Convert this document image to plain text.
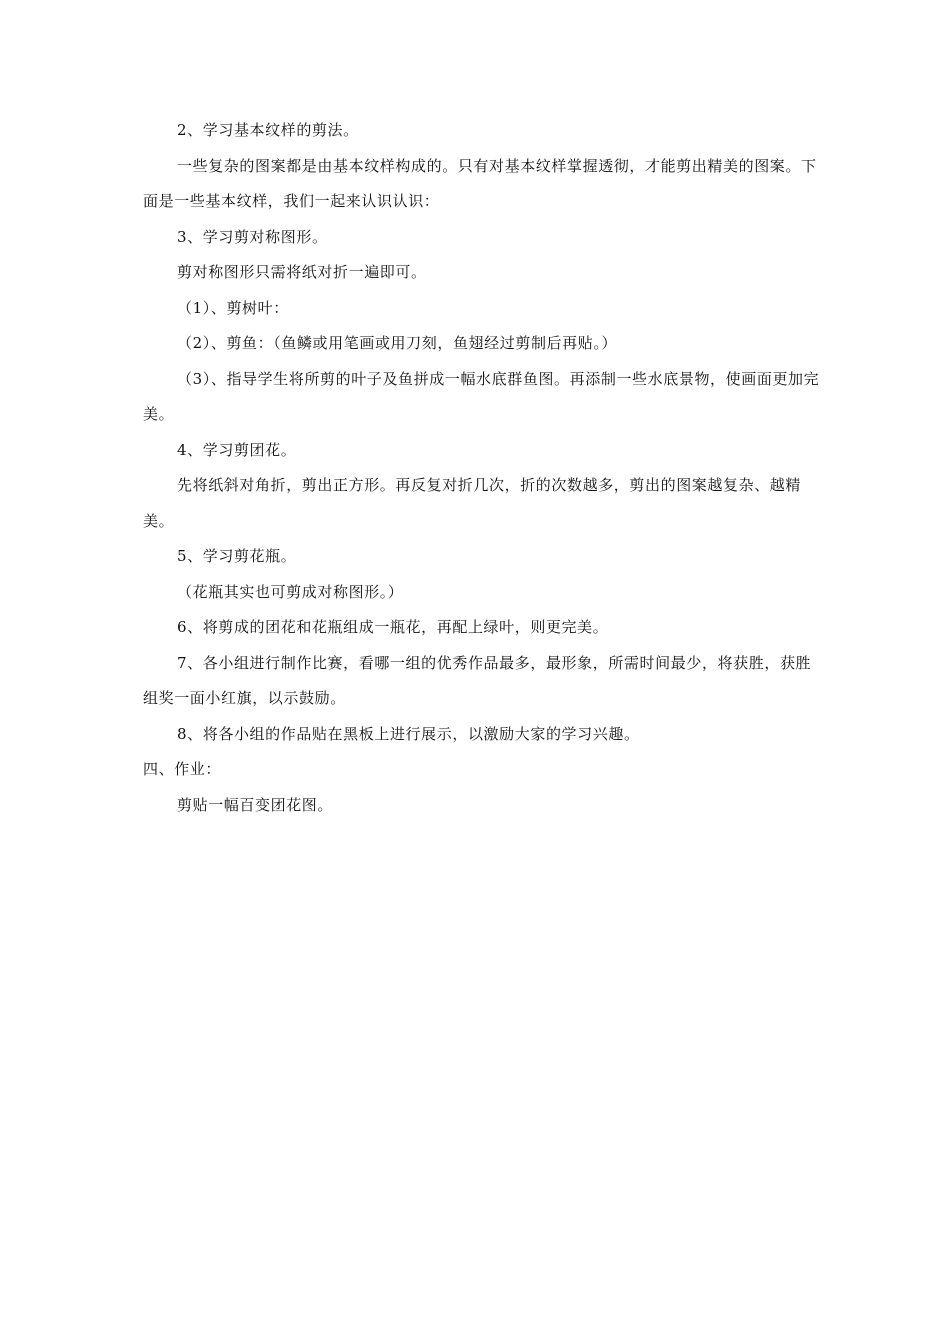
2、学习基本纹样的剪法。

一些复杂的图案都是由基本纹样构成的。只有对基本纹样掌握透彻，才能剪出精美的图案。下面是一些基本纹样，我们一起来认识认识：

3、学习剪对称图形。

剪对称图形只需将纸对折一遍即可。

（1）、剪树叶：

（2）、剪鱼：（鱼鳞或用笔画或用刀刻，鱼翅经过剪制后再贴。）

（3）、指导学生将所剪的叶子及鱼拼成一幅水底群鱼图。再添制一些水底景物，使画面更加完美。

4、学习剪团花。

先将纸斜对角折，剪出正方形。再反复对折几次，折的次数越多，剪出的图案越复杂、越精美。

5、学习剪花瓶。

（花瓶其实也可剪成对称图形。）

6、将剪成的团花和花瓶组成一瓶花，再配上绿叶，则更完美。

7、各小组进行制作比赛，看哪一组的优秀作品最多，最形象，所需时间最少，将获胜，获胜组奖一面小红旗，以示鼓励。

8、将各小组的作品贴在黑板上进行展示，以激励大家的学习兴趣。

四、作业：

剪贴一幅百变团花图。
